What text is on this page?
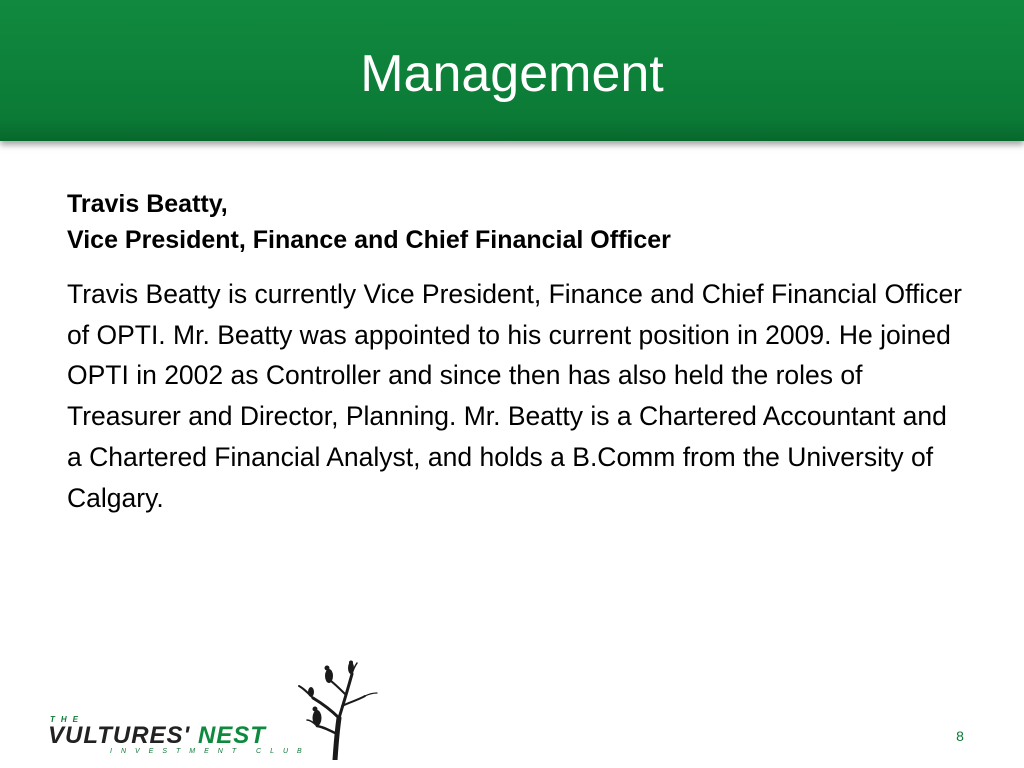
Management

Travis Beatty,

Vice President, Finance and Chief Financial Officer

Travis Beatty is currently Vice President, Finance and Chief Financial Officer of OPTI. Mr. Beatty was appointed to his current position in 2009. He joined OPTI in 2002 as Controller and since then has also held the roles of Treasurer and Director, Planning. Mr. Beatty is a Chartered Accountant and a Chartered Financial Analyst, and holds a B.Comm from the University of Calgary.

THE
VULTURES' NEST
INVESTMENT CLUB
8
